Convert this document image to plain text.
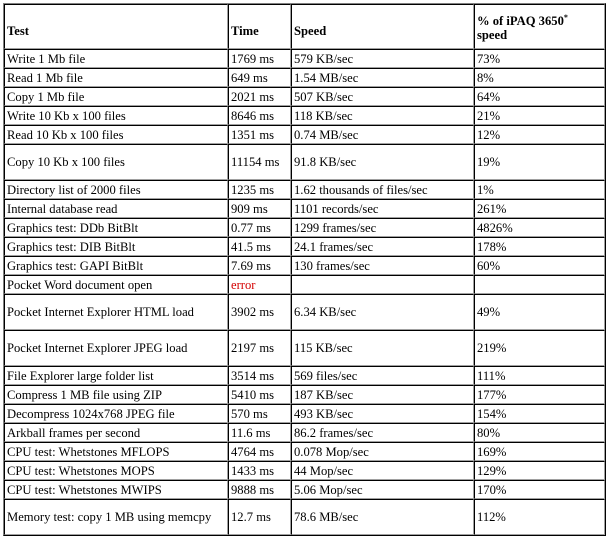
Test	Time	Speed	% of iPAQ 3650*
speed
Write 1 Mb file	1769 ms	579 KB/sec	73%
Read 1 Mb file	649 ms	1.54 MB/sec	8%
Copy 1 Mb file	2021 ms	507 KB/sec	64%
Write 10 Kb x 100 files	8646 ms	118 KB/sec	21%
Read 10 Kb x 100 files	1351 ms	0.74 MB/sec	12%
Copy 10 Kb x 100 files	11154 ms	91.8 KB/sec	19%
Directory list of 2000 files	1235 ms	1.62 thousands of files/sec	1%
Internal database read	909 ms	1101 records/sec	261%
Graphics test: DDb BitBlt	0.77 ms	1299 frames/sec	4826%
Graphics test: DIB BitBlt	41.5 ms	24.1 frames/sec	178%
Graphics test: GAPI BitBlt	7.69 ms	130 frames/sec	60%
Pocket Word document open	error		
Pocket Internet Explorer HTML load	3902 ms	6.34 KB/sec	49%
Pocket Internet Explorer JPEG load	2197 ms	115 KB/sec	219%
File Explorer large folder list	3514 ms	569 files/sec	111%
Compress 1 MB file using ZIP	5410 ms	187 KB/sec	177%
Decompress 1024x768 JPEG file	570 ms	493 KB/sec	154%
Arkball frames per second	11.6 ms	86.2 frames/sec	80%
CPU test: Whetstones MFLOPS	4764 ms	0.078 Mop/sec	169%
CPU test: Whetstones MOPS	1433 ms	44 Mop/sec	129%
CPU test: Whetstones MWIPS	9888 ms	5.06 Mop/sec	170%
Memory test: copy 1 MB using memcpy	12.7 ms	78.6 MB/sec	112%
